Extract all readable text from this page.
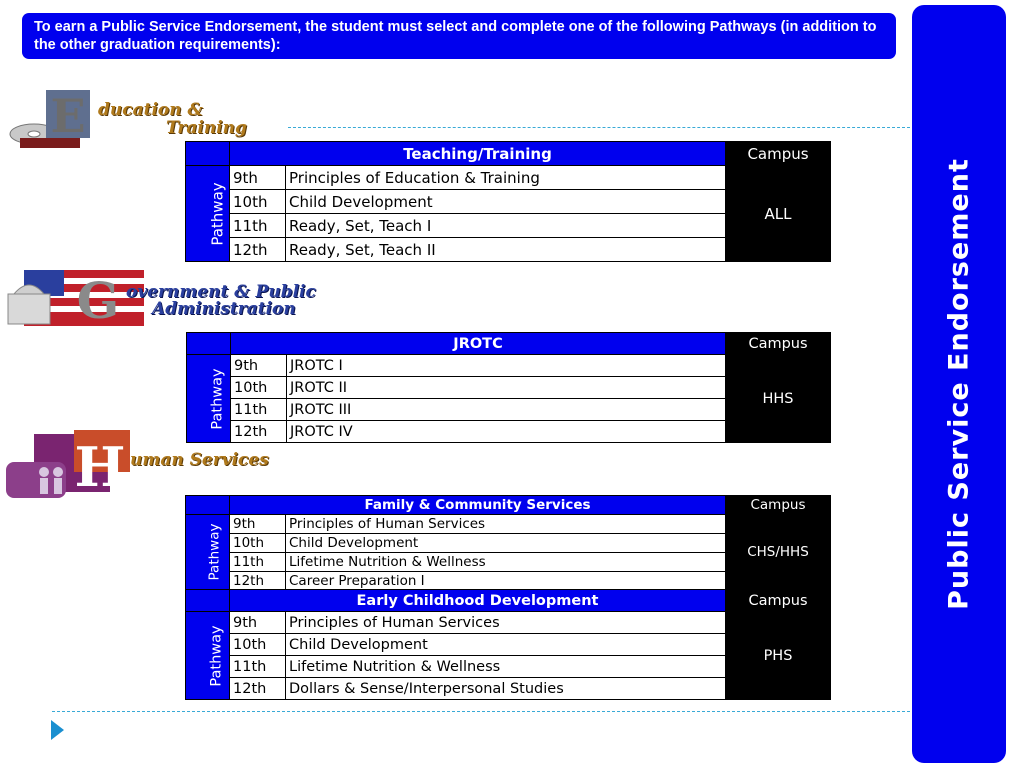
To earn a Public Service Endorsement, the student must select and complete one of the following Pathways (in addition to the other graduation requirements):
Public Service Endorsement
E ducation &
Training
G overnment & Public
Administration
H uman Services
	Teaching/Training		Campus
Pathway	9th	Principles of Education & Training	ALL
	10th	Child Development	
	11th	Ready, Set, Teach I	
	12th	Ready, Set, Teach II	
	JROTC		Campus
Pathway	9th	JROTC I	HHS
	10th	JROTC II	
	11th	JROTC III	
	12th	JROTC IV	
	Family & Community Services		Campus
Pathway	9th	Principles of Human Services	CHS/HHS
	10th	Child Development	
	11th	Lifetime Nutrition & Wellness	
	12th	Career Preparation I	
	Early Childhood Development		Campus
Pathway	9th	Principles of Human Services	PHS
	10th	Child Development	
	11th	Lifetime Nutrition & Wellness	
	12th	Dollars & Sense/Interpersonal Studies	
